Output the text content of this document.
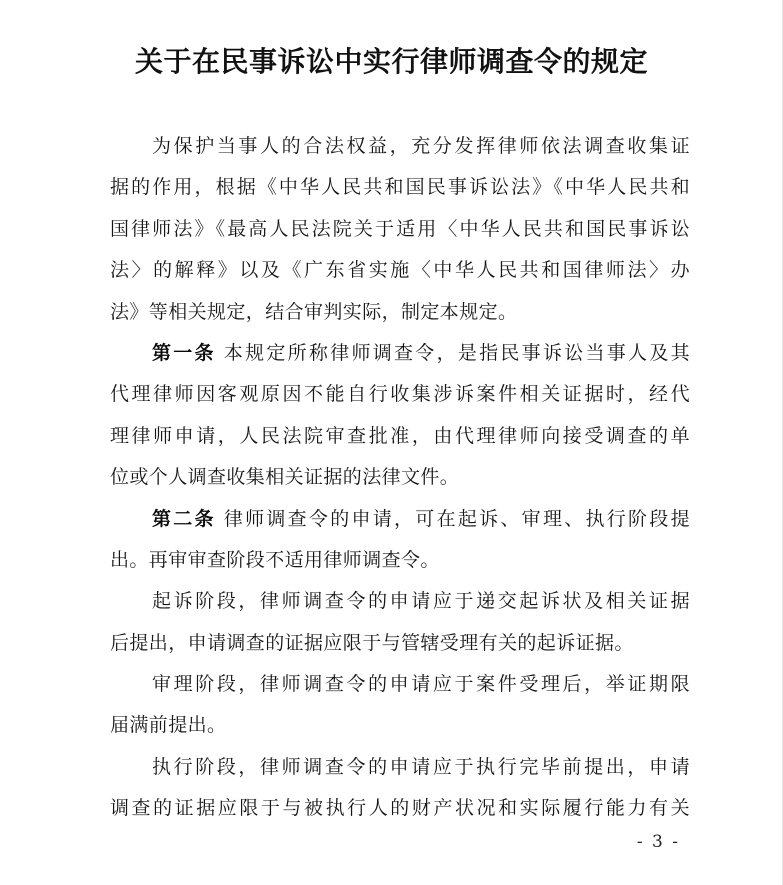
关于在民事诉讼中实行律师调查令的规定
为保护当事人的合法权益，充分发挥律师依法调查收集证
据的作用，根据《中华人民共和国民事诉讼法》《中华人民共和
国律师法》《最高人民法院关于适用〈中华人民共和国民事诉讼
法〉的解释》以及《广东省实施〈中华人民共和国律师法〉办
法》等相关规定，结合审判实际，制定本规定。
第一条 本规定所称律师调查令，是指民事诉讼当事人及其
代理律师因客观原因不能自行收集涉诉案件相关证据时，经代
理律师申请，人民法院审查批准，由代理律师向接受调查的单
位或个人调查收集相关证据的法律文件。
第二条 律师调查令的申请，可在起诉、审理、执行阶段提
出。再审审查阶段不适用律师调查令。
起诉阶段，律师调查令的申请应于递交起诉状及相关证据
后提出，申请调查的证据应限于与管辖受理有关的起诉证据。
审理阶段，律师调查令的申请应于案件受理后，举证期限
届满前提出。
执行阶段，律师调查令的申请应于执行完毕前提出，申请
调查的证据应限于与被执行人的财产状况和实际履行能力有关
- 3 -
